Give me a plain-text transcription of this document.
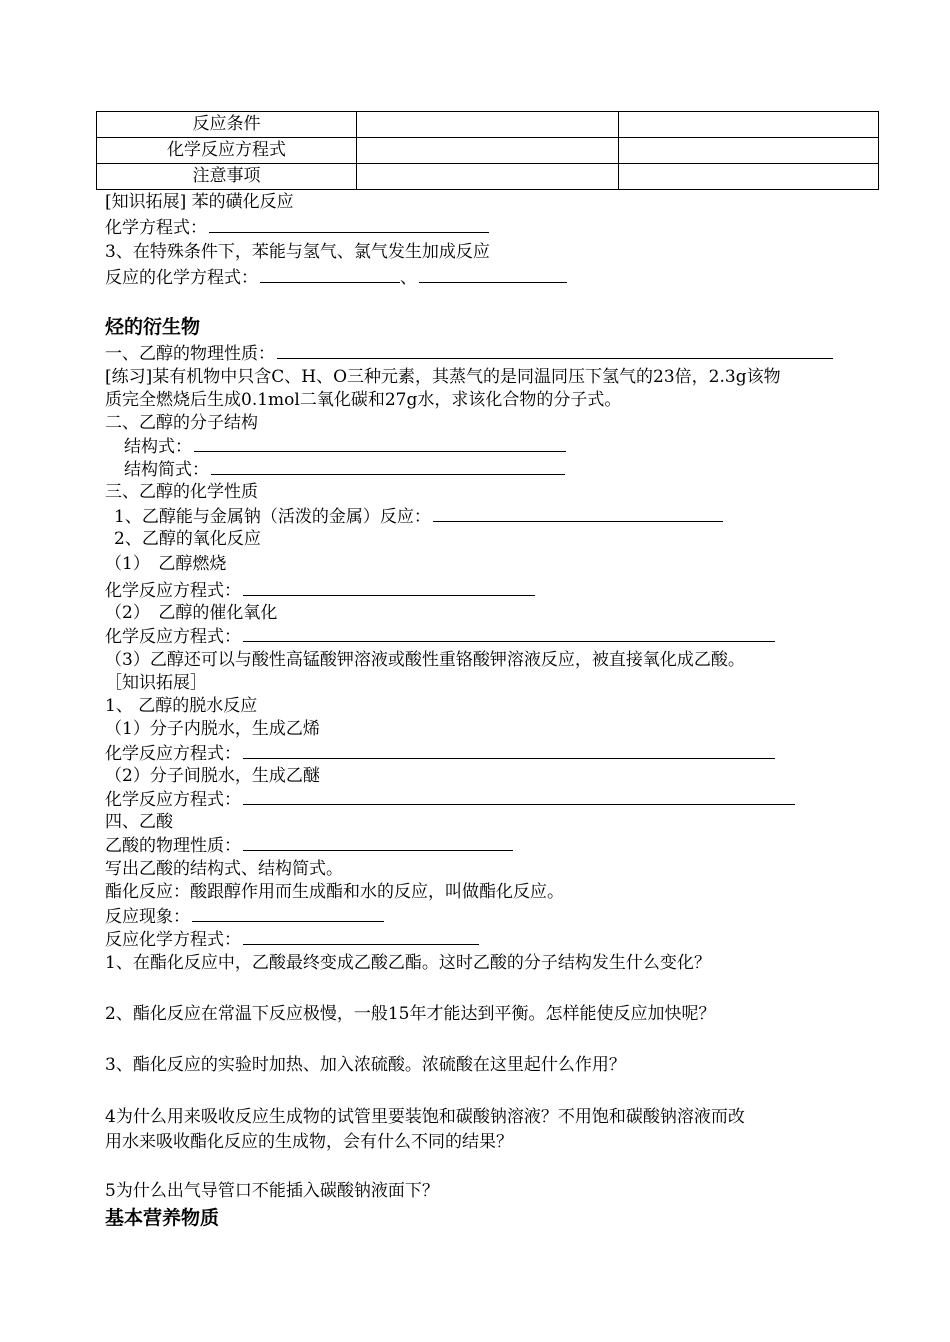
反应条件		
化学反应方程式		
注意事项		
[知识拓展] 苯的磺化反应
化学方程式：
3、在特殊条件下，苯能与氢气、氯气发生加成反应
反应的化学方程式：	、
烃的衍生物
一、乙醇的物理性质：
[练习]某有机物中只含C、H、O三种元素，其蒸气的是同温同压下氢气的23倍，2.3g该物
质完全燃烧后生成0.1mol二氧化碳和27g水，求该化合物的分子式。
二、乙醇的分子结构
结构式：
结构简式：
三、乙醇的化学性质
1、乙醇能与金属钠（活泼的金属）反应：
2、乙醇的氧化反应
（1）　乙醇燃烧
化学反应方程式：
（2）　乙醇的催化氧化
化学反应方程式：
（3）乙醇还可以与酸性高锰酸钾溶液或酸性重铬酸钾溶液反应，被直接氧化成乙酸。
［知识拓展］
1、 乙醇的脱水反应
（1）分子内脱水，生成乙烯
化学反应方程式：
（2）分子间脱水，生成乙醚
化学反应方程式：
四、乙酸
乙酸的物理性质：
写出乙酸的结构式、结构简式。
酯化反应：酸跟醇作用而生成酯和水的反应，叫做酯化反应。
反应现象：
反应化学方程式：
1、在酯化反应中，乙酸最终变成乙酸乙酯。这时乙酸的分子结构发生什么变化？
2、酯化反应在常温下反应极慢，一般15年才能达到平衡。怎样能使反应加快呢？
3、酯化反应的实验时加热、加入浓硫酸。浓硫酸在这里起什么作用？
4为什么用来吸收反应生成物的试管里要装饱和碳酸钠溶液？不用饱和碳酸钠溶液而改
用水来吸收酯化反应的生成物，会有什么不同的结果？
5为什么出气导管口不能插入碳酸钠液面下？
基本营养物质
